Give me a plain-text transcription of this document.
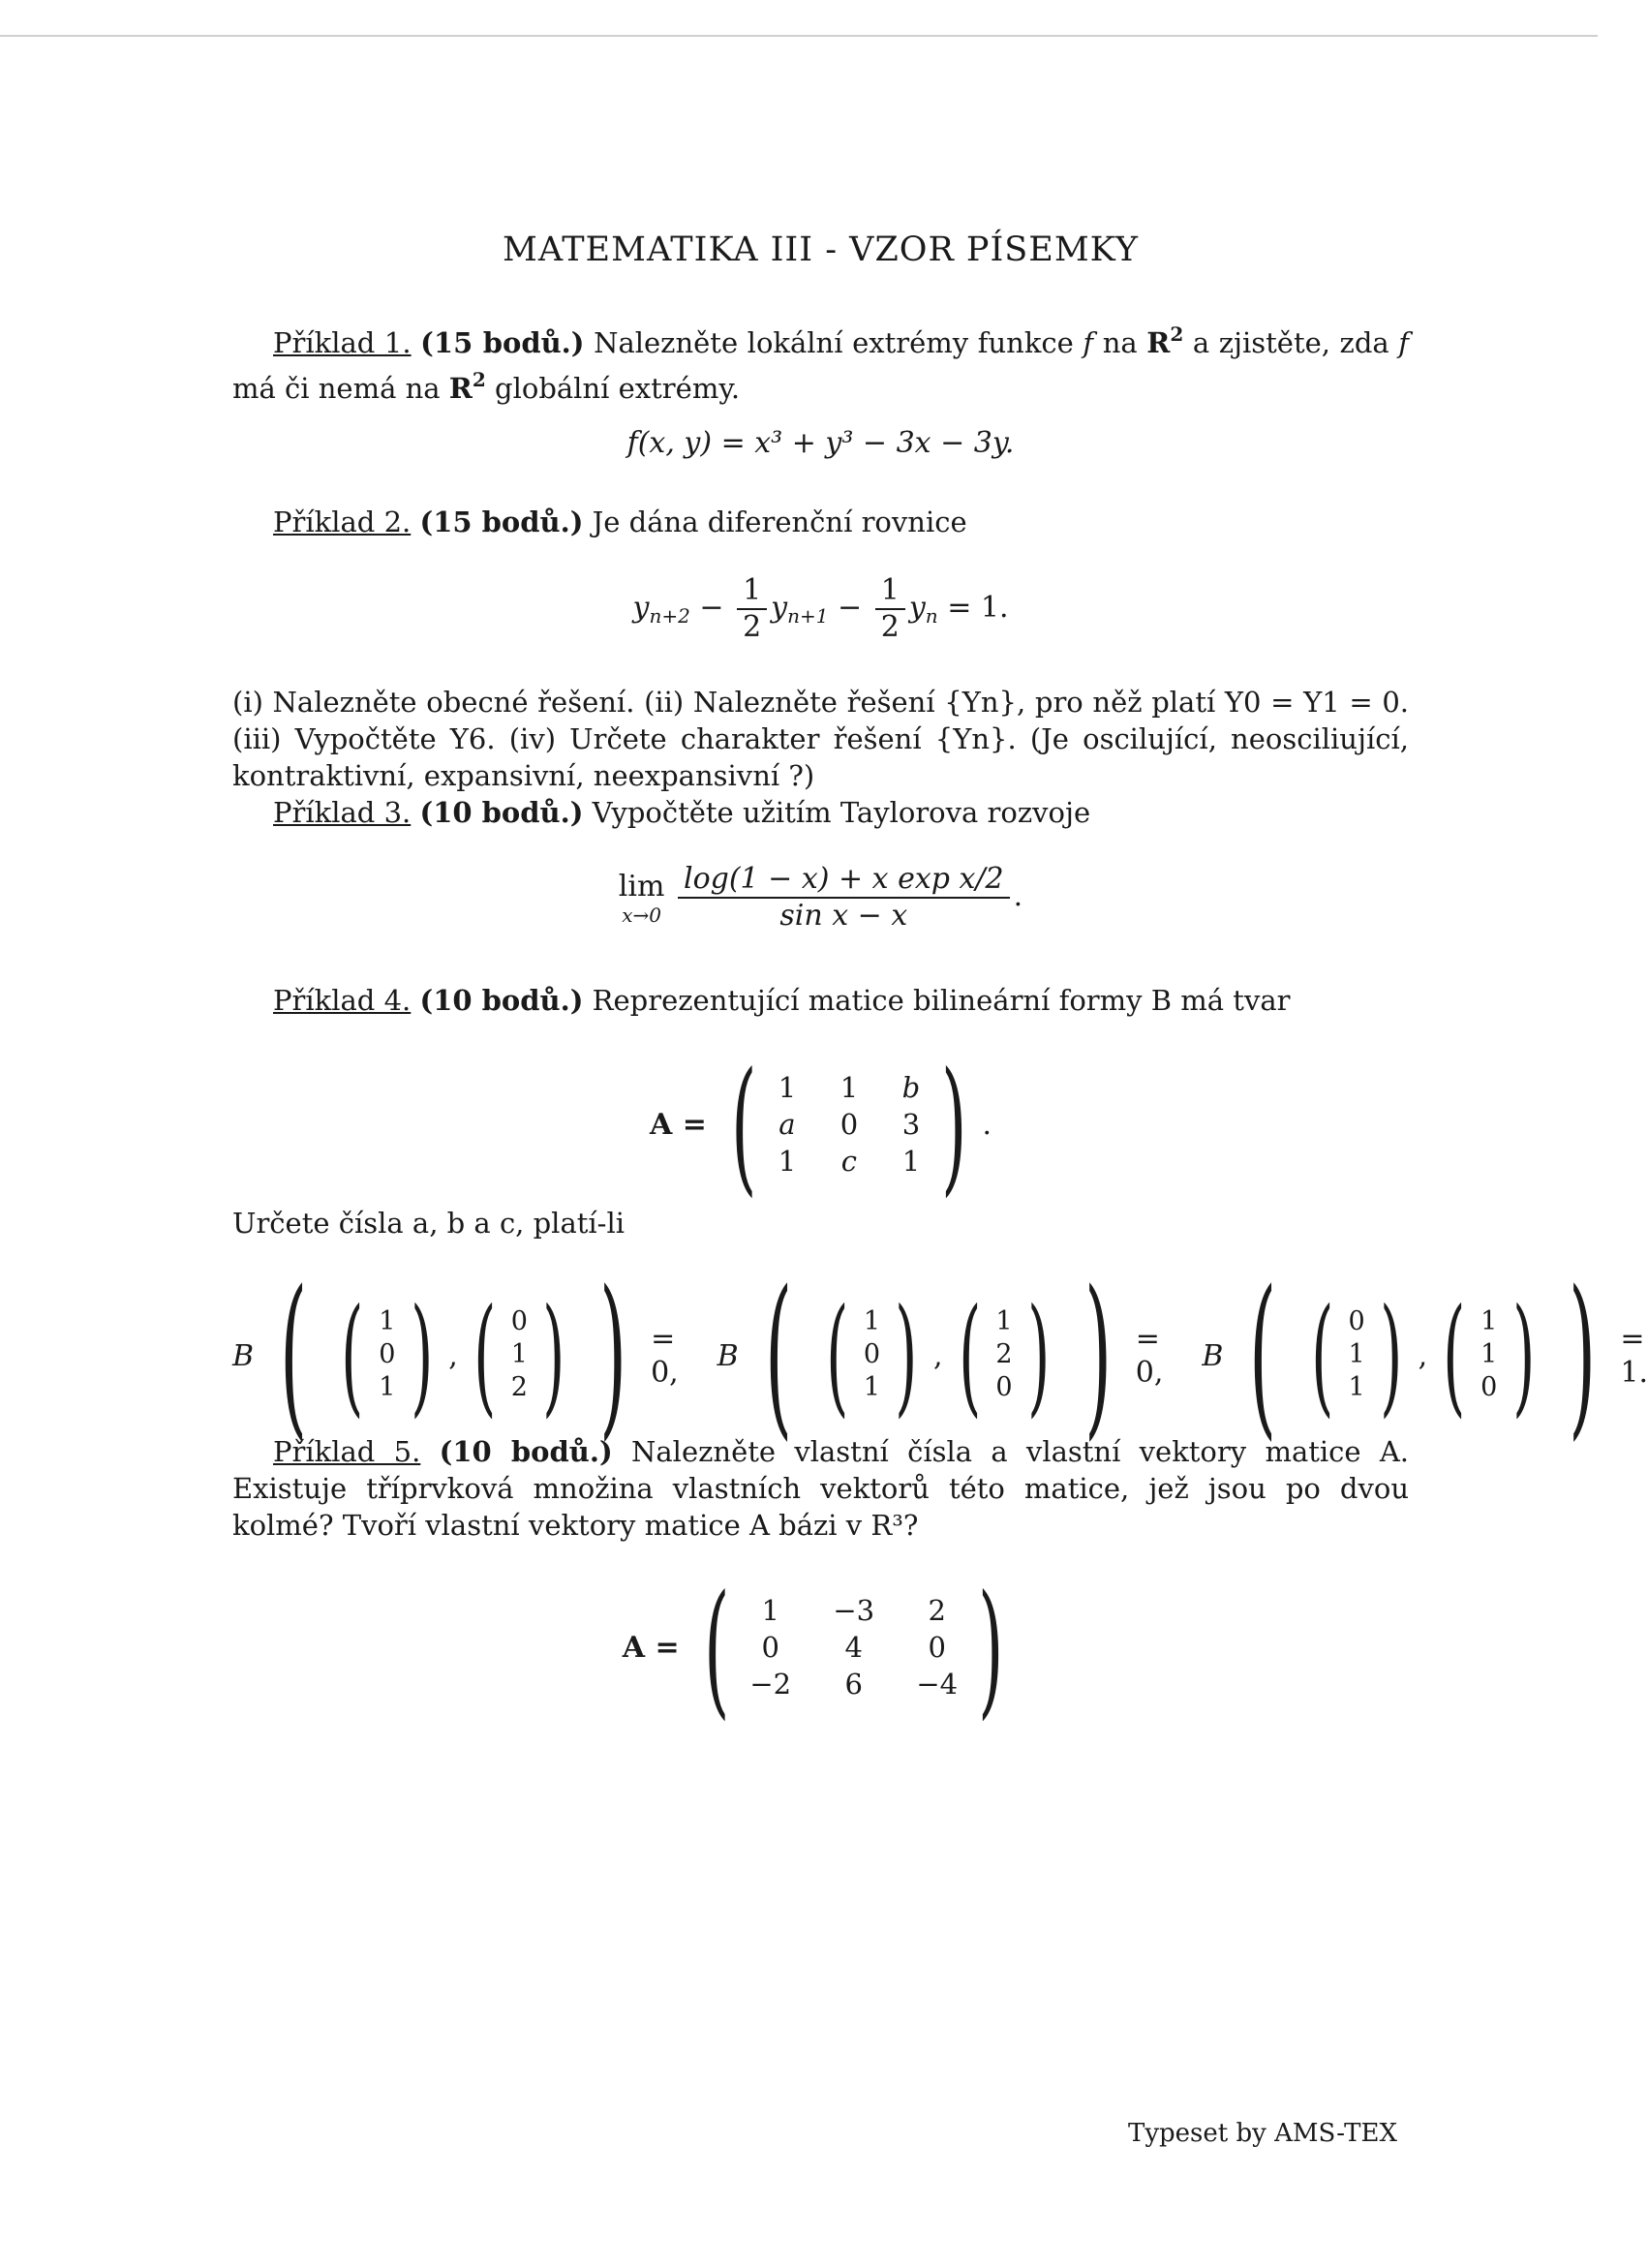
MATEMATIKA III - VZOR PÍSEMKY
Příklad 1. (15 bodů.) Nalezněte lokální extrémy funkce f na $R^2$ a zjistěte, zda f má či nemá na $R^2$ globální extrémy.
f(x, y) = x³ + y³ − 3x − 3y.
Příklad 2. (15 bodů.) Je dána diferenční rovnice
$y_{n+2} - \frac{1}{2} y_{n+1} - \frac{1}{2} y_n = 1$.
(i) Nalezněte obecné řešení. (ii) Nalezněte řešení {Yn}, pro něž platí Y0 = Y1 = 0. (iii) Vypočtěte Y6. (iv) Určete charakter řešení {Yn}. (Je oscilující, neosciliující, kontraktivní, expansivní, neexpansivní ?)
Příklad 3. (10 bodů.) Vypočtěte užitím Taylorova rozvoje
lim
x→0
$\frac{\text{log(1 − x) + x exp x/2}}{\text{sin x − x}}$ .
Příklad 4. (10 bodů.) Reprezentující matice bilineární formy B má tvar
A = ( 1 1 b
a 0 3
1 c 1 ) .
Určete čísla a, b a c, platí-li
B ( ( 1
0
1 ) , ( 0
1
2 ) ) = 0, B ( ( 1
0
1 ) , ( 1
2
0 ) ) = 0, B ( ( 0
1
1 ) , ( 1
1
0 ) ) = 1.
Příklad 5. (10 bodů.) Nalezněte vlastní čísla a vlastní vektory matice A. Existuje tříprvková množina vlastních vektorů této matice, jež jsou po dvou kolmé? Tvoří vlastní vektory matice A bázi v R³?
A = (	1	−3	2
0	4	0
−2	6	−4 )
Typeset by AMS-TEX
